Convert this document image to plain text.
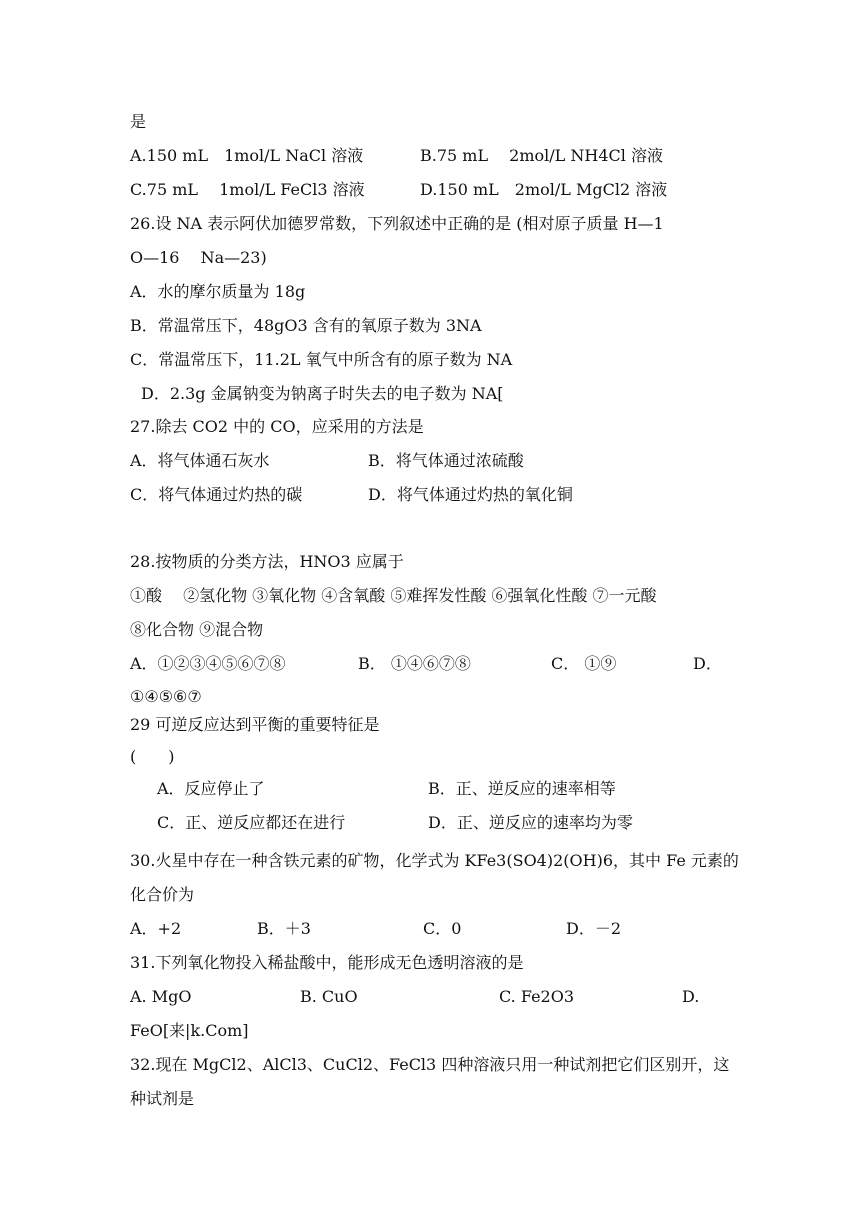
是
A.150 mL　1mol/L NaCl 溶液	B.75 mL　 2mol/L NH4Cl 溶液
C.75 mL　 1mol/L FeCl3 溶液	D.150 mL　2mol/L MgCl2 溶液
26.设 NA 表示阿伏加德罗常数，下列叙述中正确的是 (相对原子质量 H—1
O—16　 Na—23)
A．水的摩尔质量为 18g
B．常温常压下，48gO3 含有的氧原子数为 3NA
C．常温常压下，11.2L 氧气中所含有的原子数为 NA
D．2.3g 金属钠变为钠离子时失去的电子数为 NA[
27.除去 CO2 中的 CO，应采用的方法是
A．将气体通石灰水	B．将气体通过浓硫酸
C．将气体通过灼热的碳	D．将气体通过灼热的氧化铜
28.按物质的分类方法，HNO3 应属于
①酸　 ②氢化物 ③氧化物 ④含氧酸 ⑤难挥发性酸 ⑥强氧化性酸 ⑦一元酸
⑧化合物 ⑨混合物
A．①②③④⑤⑥⑦⑧	B． ①④⑥⑦⑧	C． ①⑨	D．
①④⑤⑥⑦
29 可逆反应达到平衡的重要特征是
(　　)
A．反应停止了	B．正、逆反应的速率相等
C．正、逆反应都还在进行	D．正、逆反应的速率均为零
30.火星中存在一种含铁元素的矿物，化学式为 KFe3(SO4)2(OH)6，其中 Fe 元素的
化合价为
A．+2	B．＋3	C．0	D．－2
31.下列氧化物投入稀盐酸中，能形成无色透明溶液的是
A. MgO	B. CuO	C. Fe2O3	D.
FeO[来|k.Com]
32.现在 MgCl2、AlCl3、CuCl2、FeCl3 四种溶液只用一种试剂把它们区别开，这
种试剂是
